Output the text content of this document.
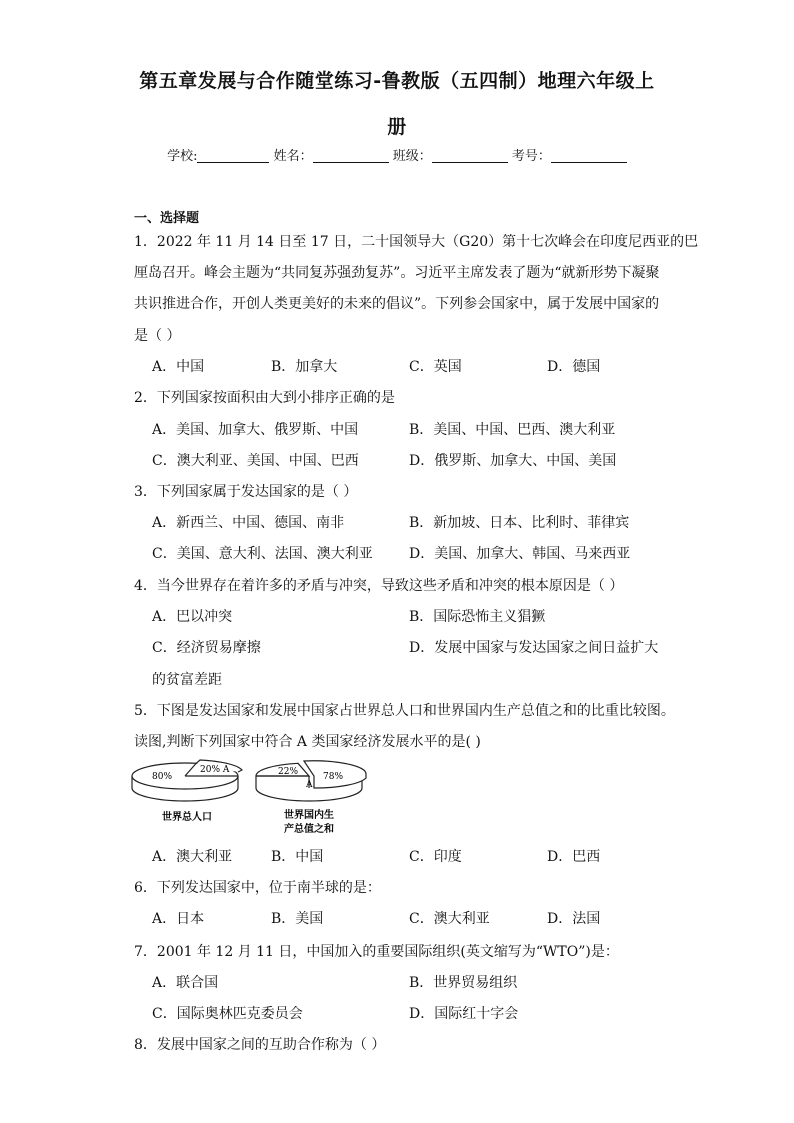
第五章发展与合作随堂练习-鲁教版（五四制）地理六年级上
册
学校:	姓名：	班级：	考号：
一、选择题
1．2022 年 11 月 14 日至 17 日，二十国领导大（G20）第十七次峰会在印度尼西亚的巴
厘岛召开。峰会主题为“共同复苏强劲复苏”。习近平主席发表了题为“就新形势下凝聚
共识推进合作，开创人类更美好的未来的倡议”。下列参会国家中，属于发展中国家的
是（ ）
A．中国	B．加拿大	C．英国	D．德国
2．下列国家按面积由大到小排序正确的是
A．美国、加拿大、俄罗斯、中国	B．美国、中国、巴西、澳大利亚
C．澳大利亚、美国、中国、巴西	D．俄罗斯、加拿大、中国、美国
3．下列国家属于发达国家的是（ ）
A．新西兰、中国、德国、南非	B．新加坡、日本、比利时、菲律宾
C．美国、意大利、法国、澳大利亚	D．美国、加拿大、韩国、马来西亚
4．当今世界存在着许多的矛盾与冲突，导致这些矛盾和冲突的根本原因是（ ）
A．巴以冲突	B．国际恐怖主义猖獗
C．经济贸易摩擦	D．发展中国家与发达国家之间日益扩大
的贫富差距
5．下图是发达国家和发展中国家占世界总人口和世界国内生产总值之和的比重比较图。
读图,判断下列国家中符合 A 类国家经济发展水平的是( )
80%
20% A	22%
A
78%
世界总人口	世界国内生
产总值之和
A．澳大利亚	B．中国	C．印度	D．巴西
6．下列发达国家中，位于南半球的是：
A．日本	B．美国	C．澳大利亚	D．法国
7．2001 年 12 月 11 日，中国加入的重要国际组织(英文缩写为“WTO”)是：
A．联合国	B．世界贸易组织
C．国际奥林匹克委员会	D．国际红十字会
8．发展中国家之间的互助合作称为（ ）
